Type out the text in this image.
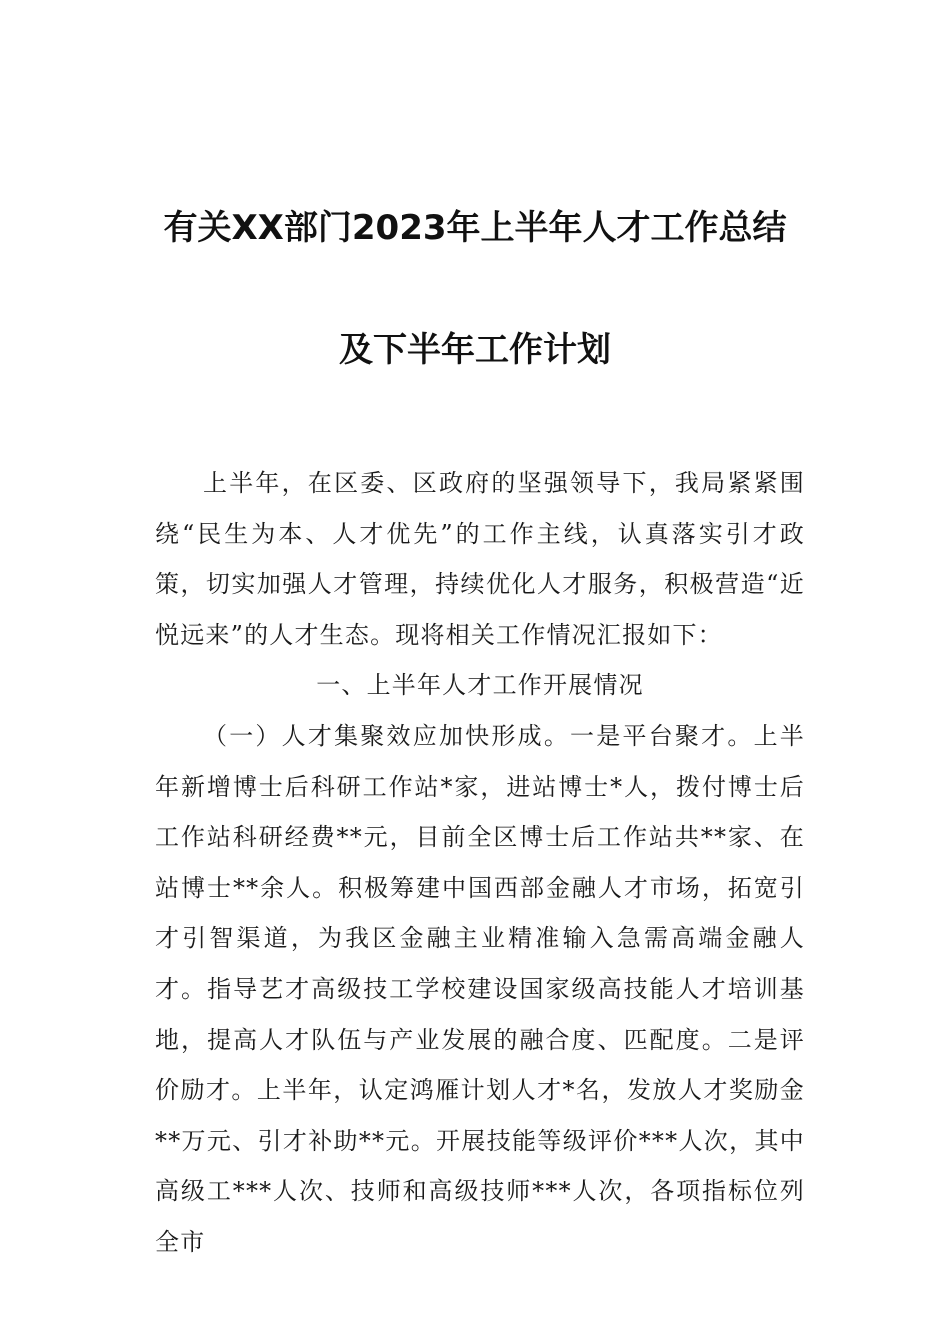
有关XX部门2023年上半年人才工作总结
及下半年工作计划

上半年，在区委、区政府的坚强领导下，我局紧紧围绕“民生为本、人才优先”的工作主线，认真落实引才政策，切实加强人才管理，持续优化人才服务，积极营造“近悦远来”的人才生态。现将相关工作情况汇报如下：

一、上半年人才工作开展情况

（一）人才集聚效应加快形成。一是平台聚才。上半年新增博士后科研工作站*家，进站博士*人，拨付博士后工作站科研经费**元，目前全区博士后工作站共**家、在站博士**余人。积极筹建中国西部金融人才市场，拓宽引才引智渠道，为我区金融主业精准输入急需高端金融人才。指导艺才高级技工学校建设国家级高技能人才培训基地，提高人才队伍与产业发展的融合度、匹配度。二是评价励才。上半年，认定鸿雁计划人才*名，发放人才奖励金**万元、引才补助**元。开展技能等级评价***人次，其中高级工***人次、技师和高级技师***人次，各项指标位列全市
